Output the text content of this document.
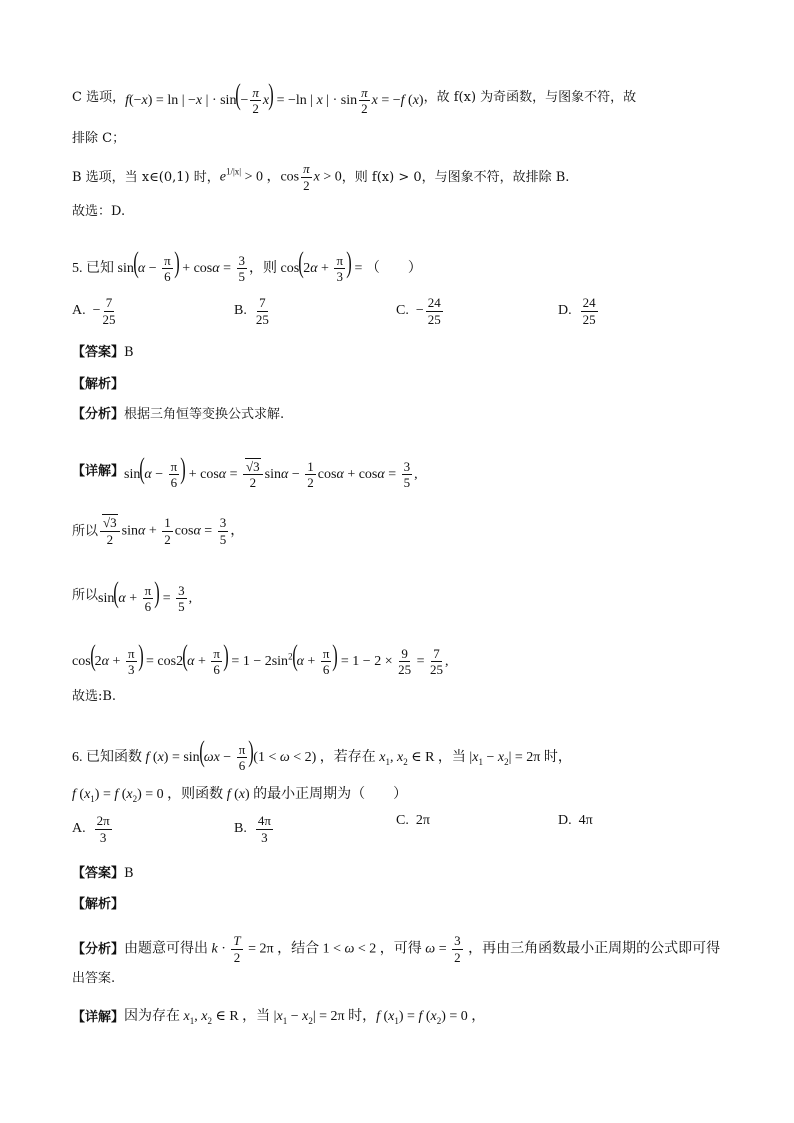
C 选项， f(−x) = ln | −x | · $\sin(- \frac{\pi}{2} x) = -\ln$ | x | · $\sin \frac{\pi}{2}$ x = −f (x) ，故 f(x) 为奇函数，与图象不符，故
排除 C；
B 选项，当 x∈(0,1) 时， $e^{1/|x|} > 0$ ，$\cos \frac{\pi}{2}$ x > 0 ，则 f(x) > 0，与图象不符，故排除 B.
故选：D.
5. 已知 $\sin(\alpha - \frac{\pi}{6}$ ) + $\cos\alpha = \frac{3}{5}$ ，则 $\cos(2\alpha + \frac{\pi}{3}$ ) = （　　）
A. −
7
25
B.

7
25
C. −
24
25
D.

24
25
【答案】 B
【解析】
【分析】 根据三角恒等变换公式求解.
【详解】 $\sin(\alpha - \frac{\pi}{6}$ ) + $\cos\alpha = \frac{√3}{2}$ $\sin\alpha - \frac{1}{2}$ $\cos\alpha + \cos\alpha = \frac{3}{5}$ ,
所以 $\frac{√3}{2}$ $\sin\alpha + \frac{1}{2}$ $\cos\alpha = \frac{3}{5}$ ，
所以 $\sin(\alpha + \frac{\pi}{6}$ ) = $\frac{3}{5}$ ,
$\cos(2\alpha + \frac{\pi}{3}$ ) = $\cos 2(\alpha + \frac{\pi}{6}$ ) = $1 - 2\sin^2(\alpha + \frac{\pi}{6}$ ) = $1 - 2 \times \frac{9}{25} = \frac{7}{25}$ ,
故选:B.
6. 已知函数 f $(x) = \sin(\omega x - \frac{\pi}{6} )(1 < \omega < 2)$ ，若存在 $x_1$, $x_2$ ∈ R ，当 $|x_1 - x_2| = 2\pi$ 时，
f $(x_1) = f$ $(x_2) = 0$ ，则函数 f (x) 的最小正周期为（　　）
A.

2π
3
B.

4π
3
C.
2π	D.
4π
【答案】 B
【解析】
【分析】 由题意可得出 $k \cdot \frac{T}{2} = 2\pi$ ，结合 1 < ω < 2 ，可得 $\omega = \frac{3}{2}$ ，再由三角函数最小正周期的公式即可得
出答案.
【详解】 因为存在 $x_1$, $x_2$ ∈ R ，当 $|x_1 - x_2| = 2\pi$ 时，f $(x_1) = f$ $(x_2) = 0$ ，
